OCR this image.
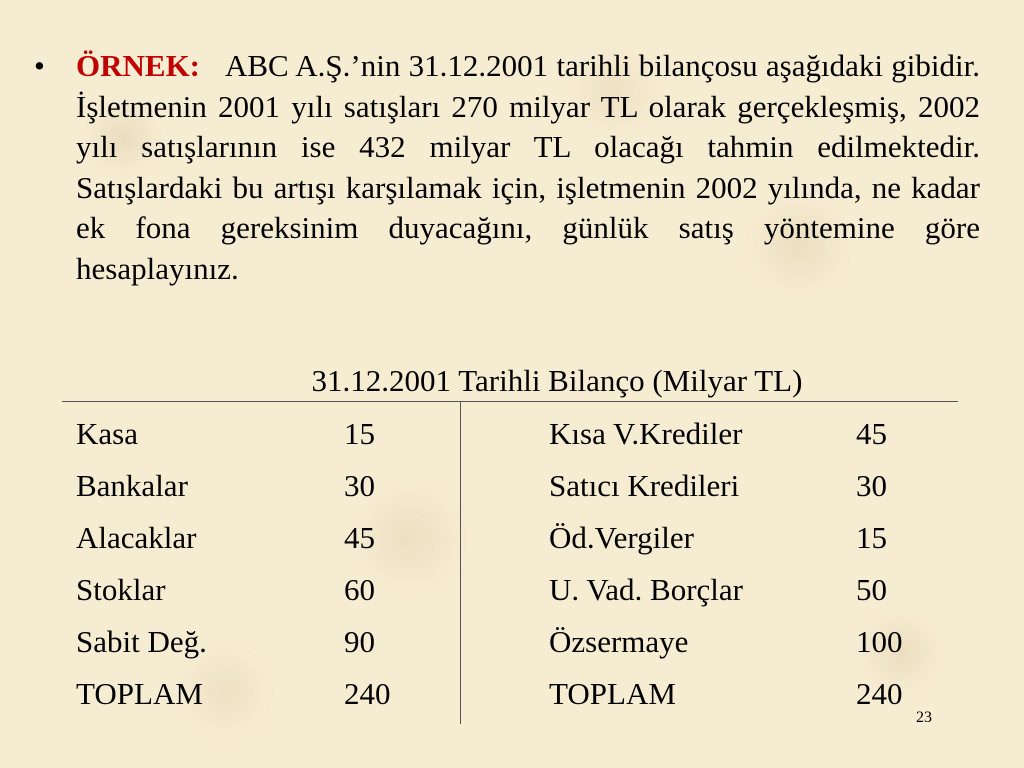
•	ÖRNEK: ABC A.Ş.’nin 31.12.2001 tarihli bilançosu aşağıdaki gibidir. İşletmenin 2001 yılı satışları 270 milyar TL olarak gerçekleşmiş, 2002 yılı satışlarının ise 432 milyar TL olacağı tahmin edilmektedir. Satışlardaki bu artışı karşılamak için, işletmenin 2002 yılında, ne kadar ek fona gereksinim duyacağını, günlük satış yöntemine göre hesaplayınız.
31.12.2001 Tarihli Bilanço (Milyar TL)
Kasa	15	Kısa V.Krediler	45
Bankalar	30	Satıcı Kredileri	30
Alacaklar	45	Öd.Vergiler	15
Stoklar	60	U. Vad. Borçlar	50
Sabit Değ.	90	Özsermaye	100
TOPLAM	240	TOPLAM	240
23
